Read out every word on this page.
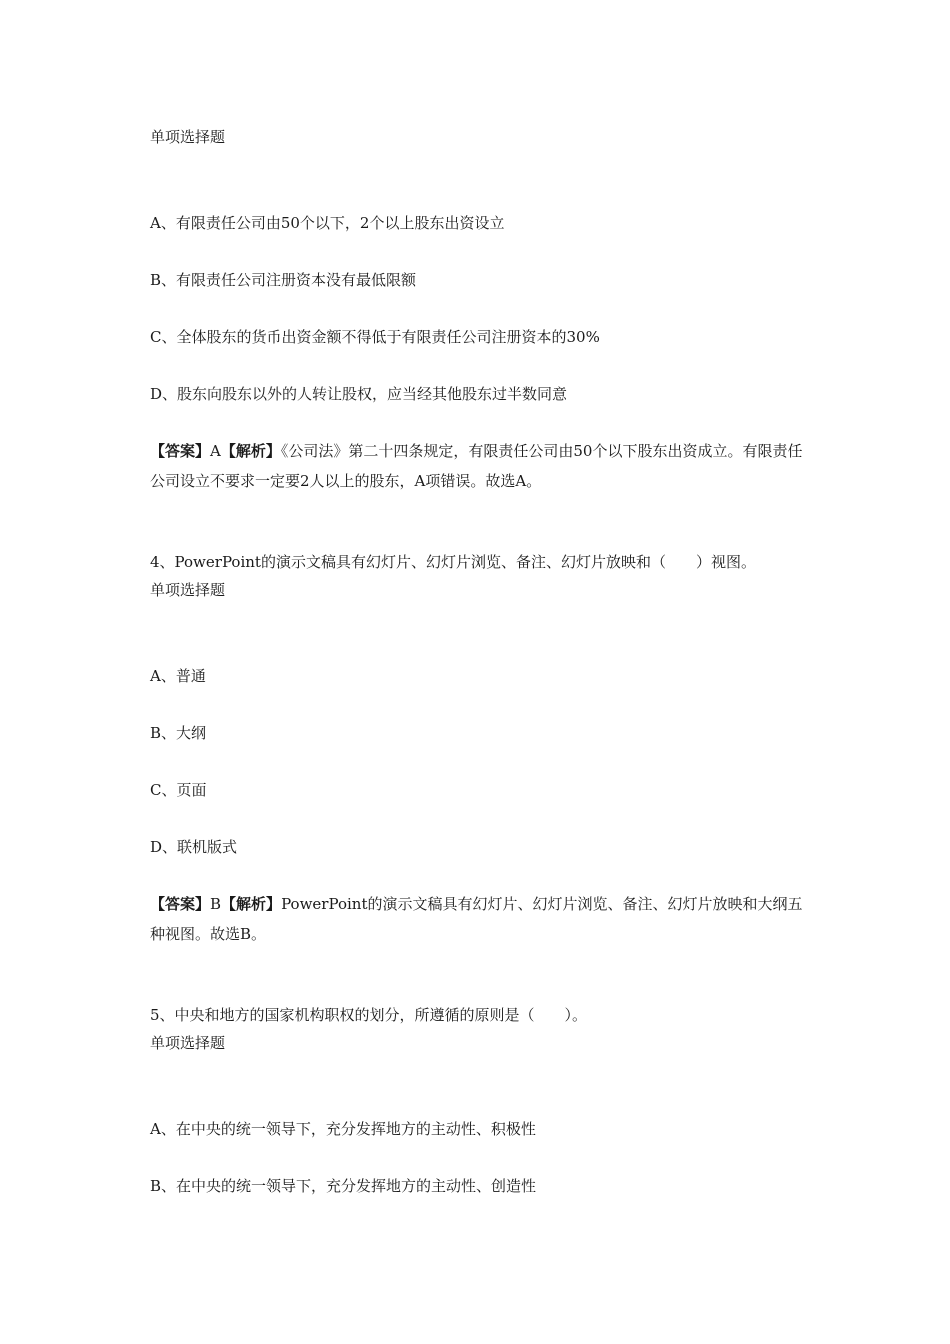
单项选择题
A、有限责任公司由50个以下，2个以上股东出资设立
B、有限责任公司注册资本没有最低限额
C、全体股东的货币出资金额不得低于有限责任公司注册资本的30%
D、股东向股东以外的人转让股权，应当经其他股东过半数同意
【答案】A【解析】《公司法》第二十四条规定，有限责任公司由50个以下股东出资成立。有限责任公司设立不要求一定要2人以上的股东，A项错误。故选A。
4、PowerPoint的演示文稿具有幻灯片、幻灯片浏览、备注、幻灯片放映和（　　）视图。
单项选择题
A、普通
B、大纲
C、页面
D、联机版式
【答案】B【解析】PowerPoint的演示文稿具有幻灯片、幻灯片浏览、备注、幻灯片放映和大纲五种视图。故选B。
5、中央和地方的国家机构职权的划分，所遵循的原则是（　　）。
单项选择题
A、在中央的统一领导下，充分发挥地方的主动性、积极性
B、在中央的统一领导下，充分发挥地方的主动性、创造性
